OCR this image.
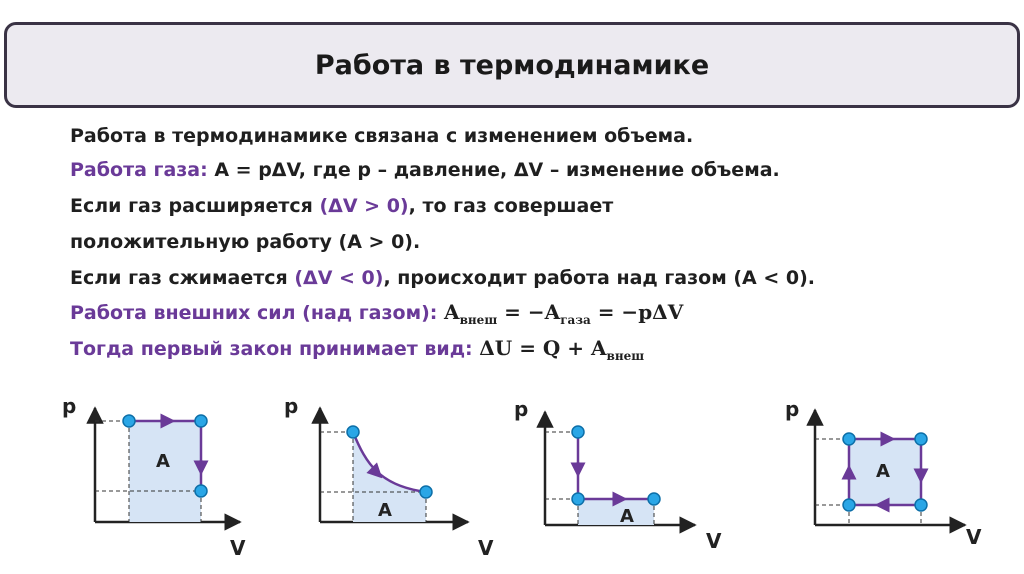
Работа в термодинамике
Работа в термодинамике связана с изменением объема.
Работа газа: A = pΔV, где p – давление, ΔV – изменение объема.
Если газ расширяется (ΔV > 0), то газ совершает
положительную работу (A > 0).
Если газ сжимается (ΔV < 0), происходит работа над газом (A < 0).
Работа внешних сил (над газом): $A_{внеш} = -A_{газа} = -p\Delta V$
Тогда первый закон принимает вид: $\Delta U = Q + A_{внеш}$
A
p
V
A
p
V
A
p
V
A
p
V
